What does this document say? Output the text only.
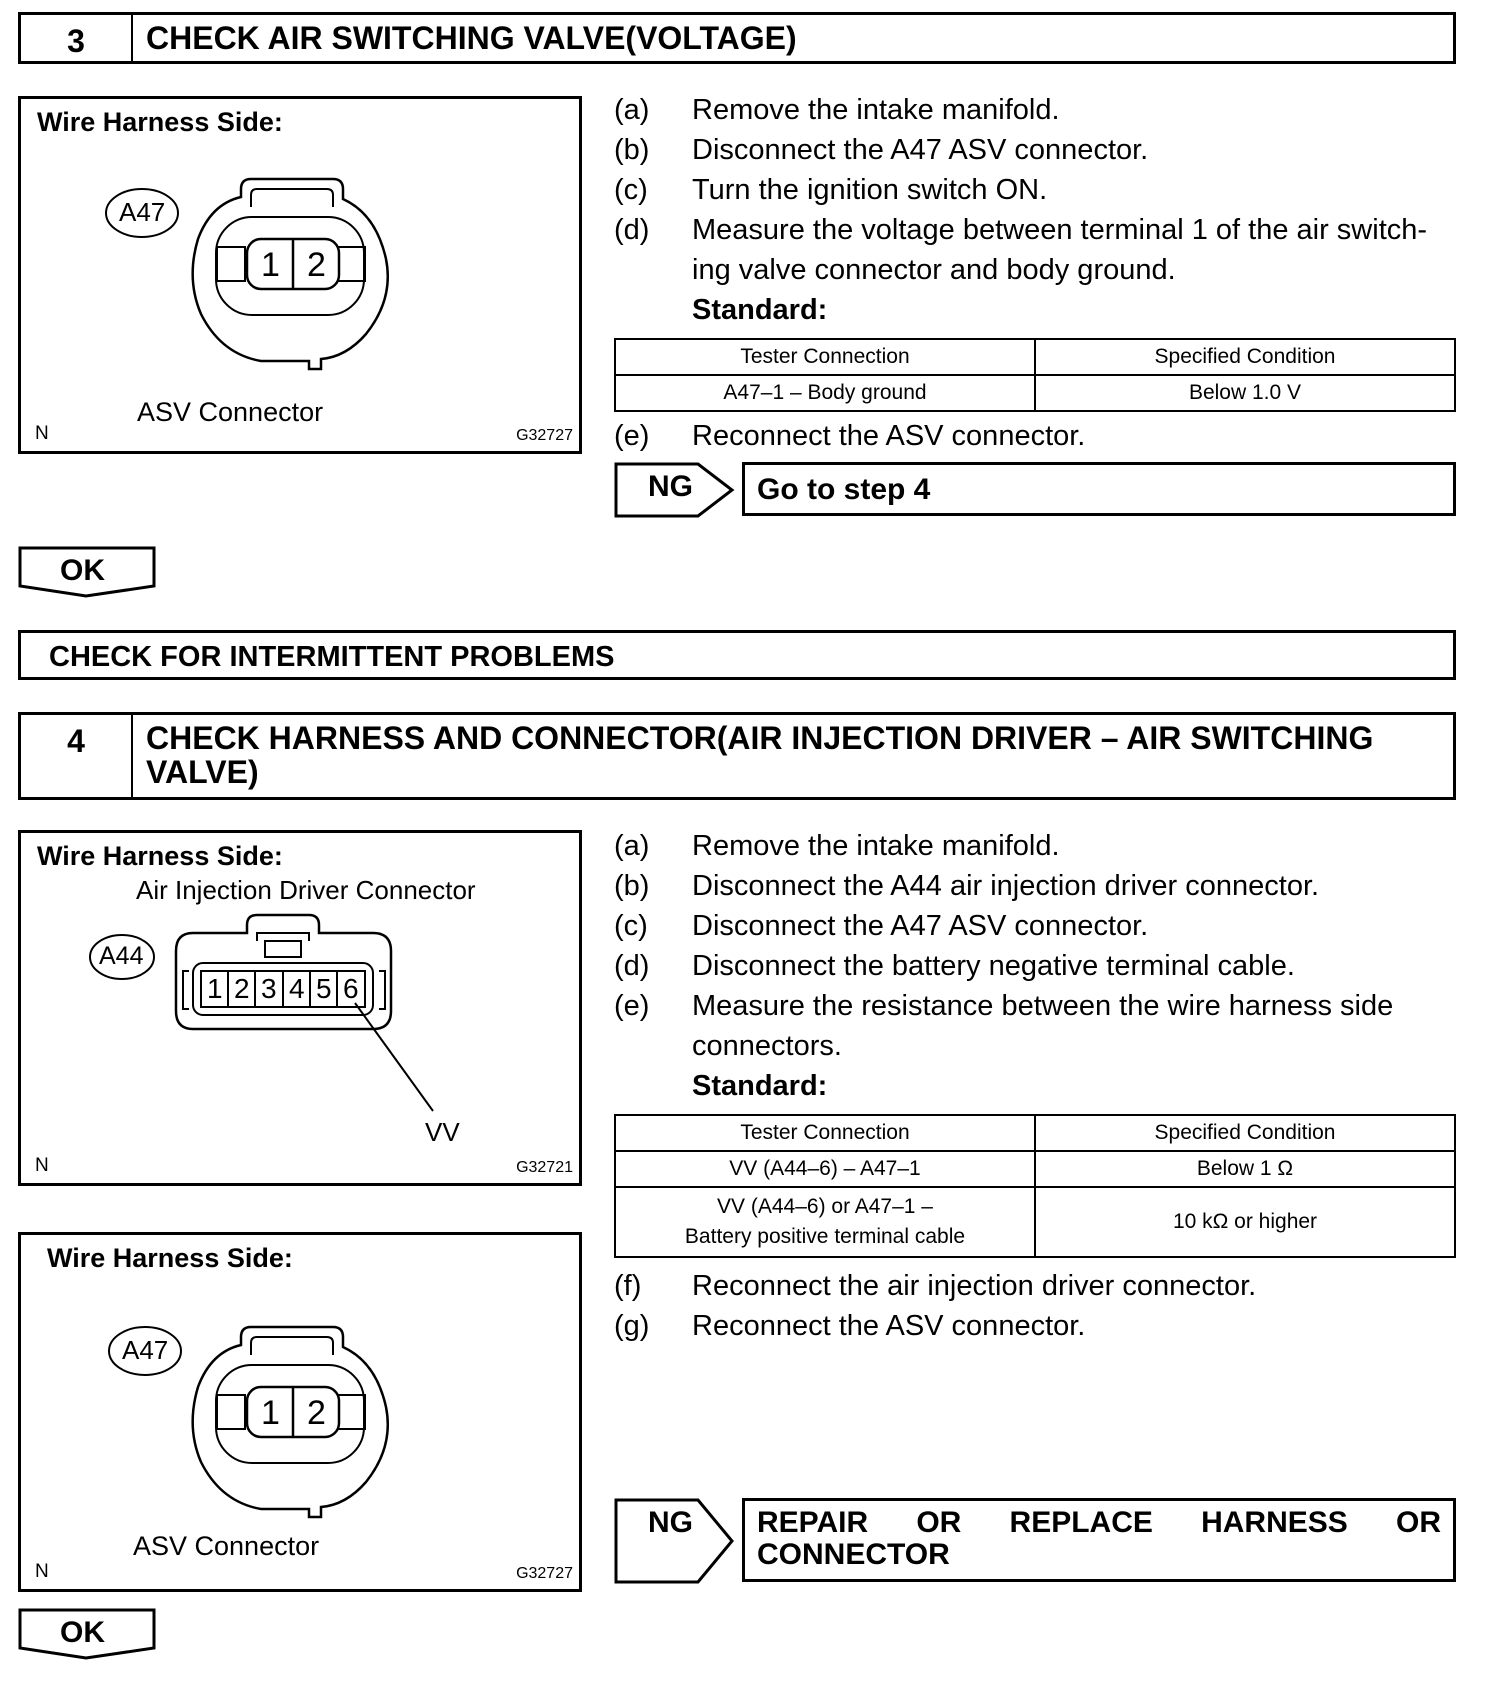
3	CHECK AIR SWITCHING VALVE(VOLTAGE)
Wire Harness Side:
A47
1 2
ASV Connector
N	G32727
(a)	Remove the intake manifold.
(b)	Disconnect the A47 ASV connector.
(c)	Turn the ignition switch ON.
(d)	Measure the voltage between terminal 1 of the air switch-
ing valve connector and body ground.
Standard:
Tester Connection	Specified Condition
A47–1 – Body ground	Below 1.0 V
(e)	Reconnect the ASV connector.
NG	Go to step 4
OK
CHECK FOR INTERMITTENT PROBLEMS
4	CHECK HARNESS AND CONNECTOR(AIR INJECTION DRIVER – AIR SWITCHING
VALVE)
Wire Harness Side:
Air Injection Driver Connector
A44
1 2 3 4 5 6
VV
N	G32721
Wire Harness Side:
A47
1 2
ASV Connector
N	G32727
(a)	Remove the intake manifold.
(b)	Disconnect the A44 air injection driver connector.
(c)	Disconnect the A47 ASV connector.
(d)	Disconnect the battery negative terminal cable.
(e)	Measure the resistance between the wire harness side
connectors.
Standard:
Tester Connection	Specified Condition
VV (A44–6) – A47–1	Below 1 Ω

VV (A44–6) or A47–1 –
Battery positive terminal cable	10 kΩ or higher
(f)	Reconnect the air injection driver connector.
(g)	Reconnect the ASV connector.
NG REPAIR OR REPLACE HARNESS OR
CONNECTOR
OK
